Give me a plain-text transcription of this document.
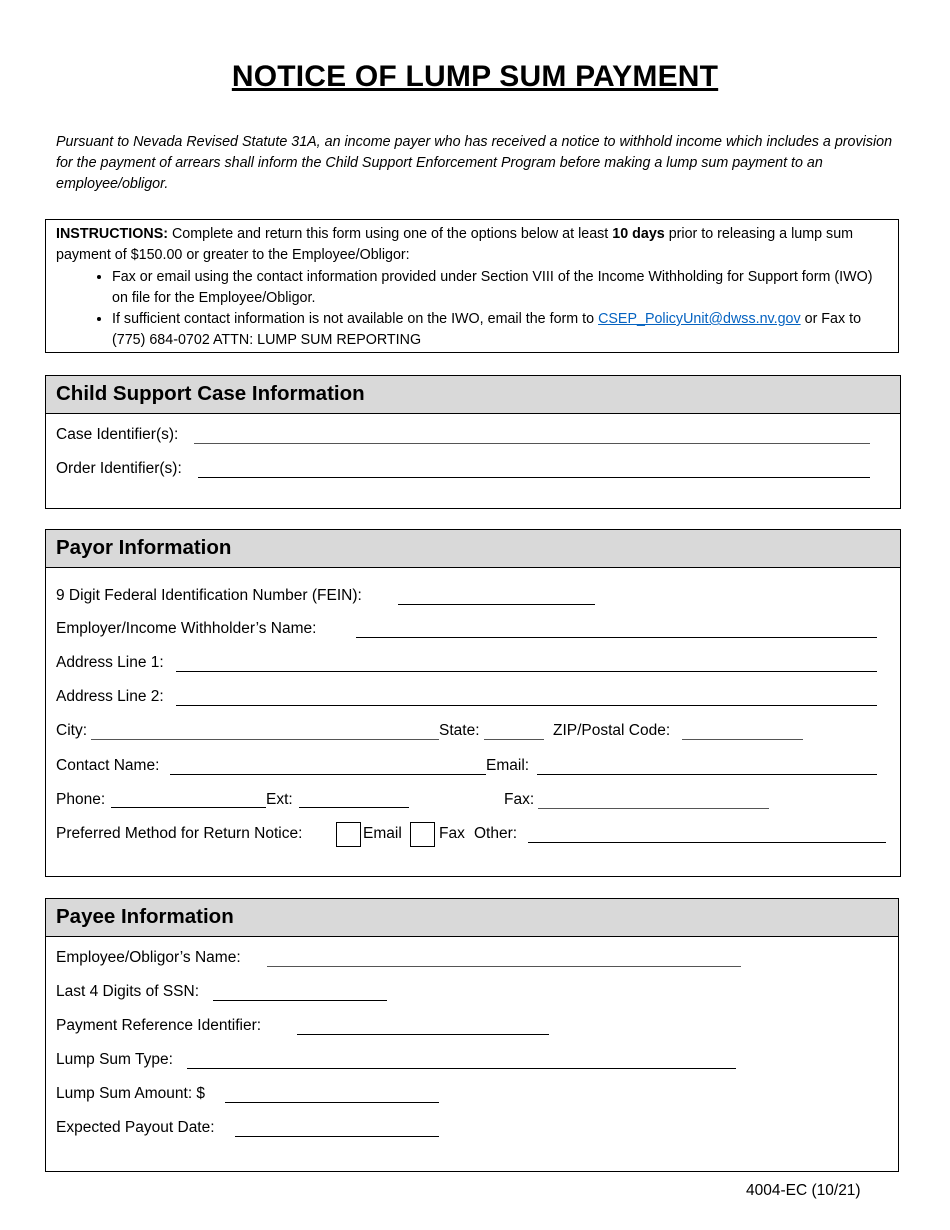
NOTICE OF LUMP SUM PAYMENT
Pursuant to Nevada Revised Statute 31A, an income payer who has received a notice to withhold income which includes a provision for the payment of arrears shall inform the Child Support Enforcement Program before making a lump sum payment to an employee/obligor.
INSTRUCTIONS: Complete and return this form using one of the options below at least 10 days prior to releasing a lump sum payment of $150.00 or greater to the Employee/Obligor:
• Fax or email using the contact information provided under Section VIII of the Income Withholding for Support form (IWO) on file for the Employee/Obligor.
• If sufficient contact information is not available on the IWO, email the form to CSEP_PolicyUnit@dwss.nv.gov or Fax to (775) 684-0702 ATTN: LUMP SUM REPORTING
Child Support Case Information
Case Identifier(s):
Order Identifier(s):
Payor Information
9 Digit Federal Identification Number (FEIN):
Employer/Income Withholder’s Name:
Address Line 1:
Address Line 2:
City:	State:	ZIP/Postal Code:
Contact Name:	Email:
Phone:	Ext:	Fax:
Preferred Method for Return Notice:	Email Fax Other:
Payee Information
Employee/Obligor’s Name:
Last 4 Digits of SSN:
Payment Reference Identifier:
Lump Sum Type:
Lump Sum Amount: $
Expected Payout Date:
4004-EC (10/21)
